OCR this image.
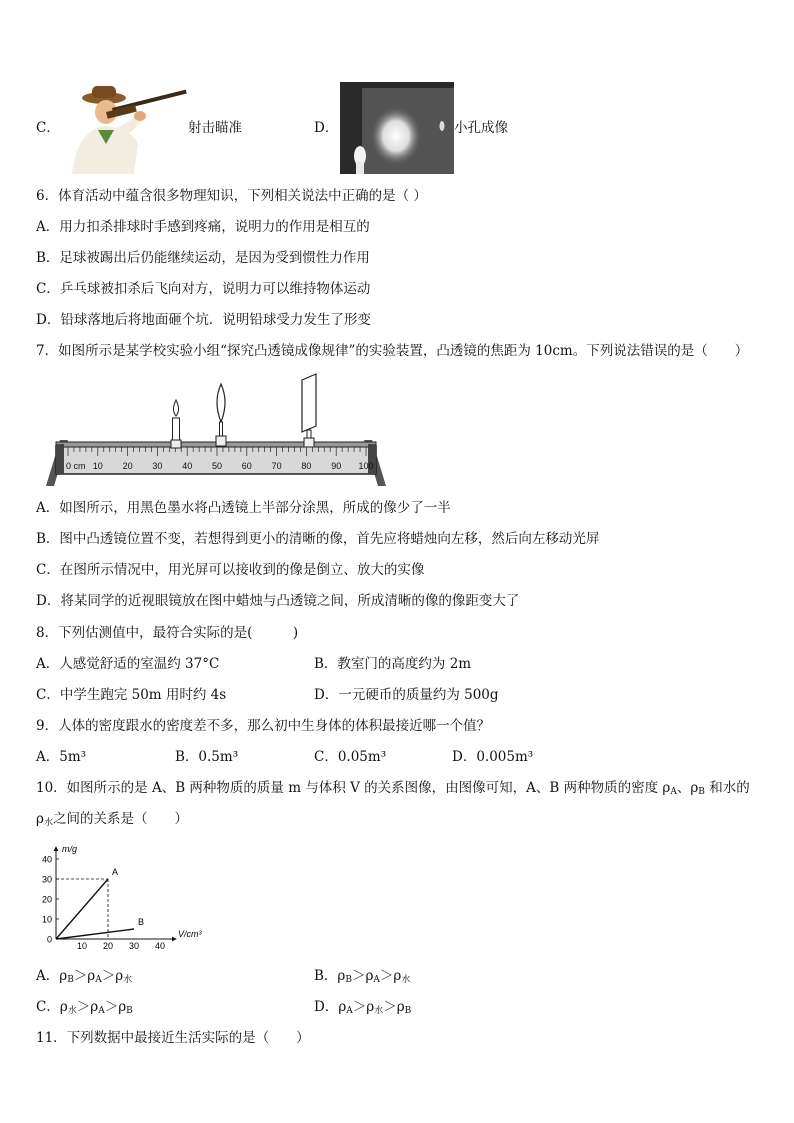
C．	射击瞄准	D．	小孔成像
6．体育活动中蕴含很多物理知识，下列相关说法中正确的是（ ）
A．用力扣杀排球时手感到疼痛，说明力的作用是相互的
B．足球被踢出后仍能继续运动，是因为受到惯性力作用
C．乒乓球被扣杀后飞向对方，说明力可以维持物体运动
D．铅球落地后将地面砸个坑．说明铅球受力发生了形变
7．如图所示是某学校实验小组“探究凸透镜成像规律”的实验装置，凸透镜的焦距为 10cm。下列说法错误的是（　　）
0 cm 10 20 30 40 50 60 70 80 90 100
A．如图所示，用黑色墨水将凸透镜上半部分涂黑，所成的像少了一半
B．图中凸透镜位置不变，若想得到更小的清晰的像，首先应将蜡烛向左移，然后向左移动光屏
C．在图所示情况中，用光屏可以接收到的像是倒立、放大的实像
D．将某同学的近视眼镜放在图中蜡烛与凸透镜之间，所成清晰的像的像距变大了
8．下列估测值中，最符合实际的是(　　　)
A．人感觉舒适的室温约 37°C	B．教室门的高度约为 2m
C．中学生跑完 50m 用时约 4s	D．一元硬币的质量约为 500g
9．人体的密度跟水的密度差不多，那么初中生身体的体积最接近哪一个值？
A．5m³	B．0.5m³	C．0.05m³	D．0.005m³
10．如图所示的是 A、B 两种物质的质量 m 与体积 V 的关系图像，由图像可知，A、B 两种物质的密度 $\rho_A$、$\rho_B$ 和水的
$\rho_水$之间的关系是（　　）
0
10
20
30
40
10 20 30 40
m/g
V/cm³
A
B
A．$\rho_B>\rho_A>\rho_水$	B．$\rho_B>\rho_A>\rho_水$
C．$\rho_水>\rho_A>\rho_B$	D．$\rho_A>\rho_水>\rho_B$
11．下列数据中最接近生活实际的是（　　）
